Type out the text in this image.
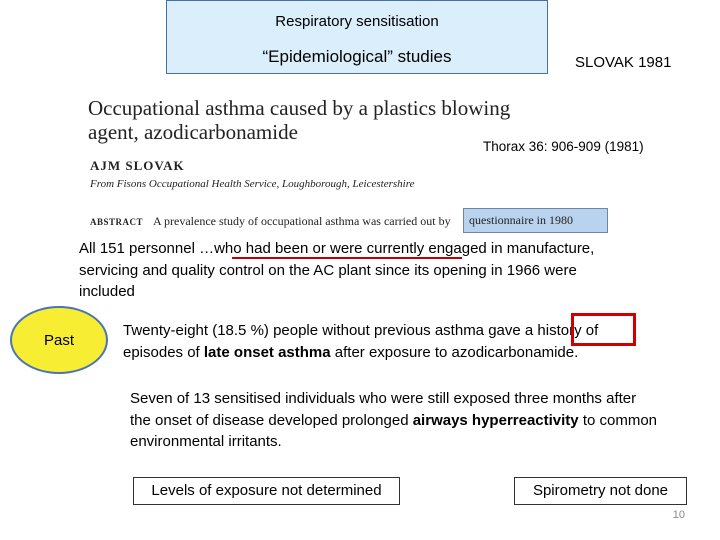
Respiratory sensitisation
“Epidemiological” studies	SLOVAK 1981
Occupational asthma caused by a plastics blowing
agent, azodicarbonamide
AJM SLOVAK
From Fisons Occupational Health Service, Loughborough, Leicestershire
Thorax 36: 906-909 (1981)
ABSTRACT A prevalence study of occupational asthma was carried out by	questionnaire in 1980
All 151 personnel …who had been or were currently engaged in manufacture,
servicing and quality control on the AC plant since its opening in 1966 were
included
Past
Twenty-eight (18.5 %) people without previous asthma gave a history of
episodes of late onset asthma after exposure to azodicarbonamide.
Seven of 13 sensitised individuals who were still exposed three months after
the onset of disease developed prolonged airways hyperreactivity to common
environmental irritants.
Levels of exposure not determined	Spirometry not done
10
